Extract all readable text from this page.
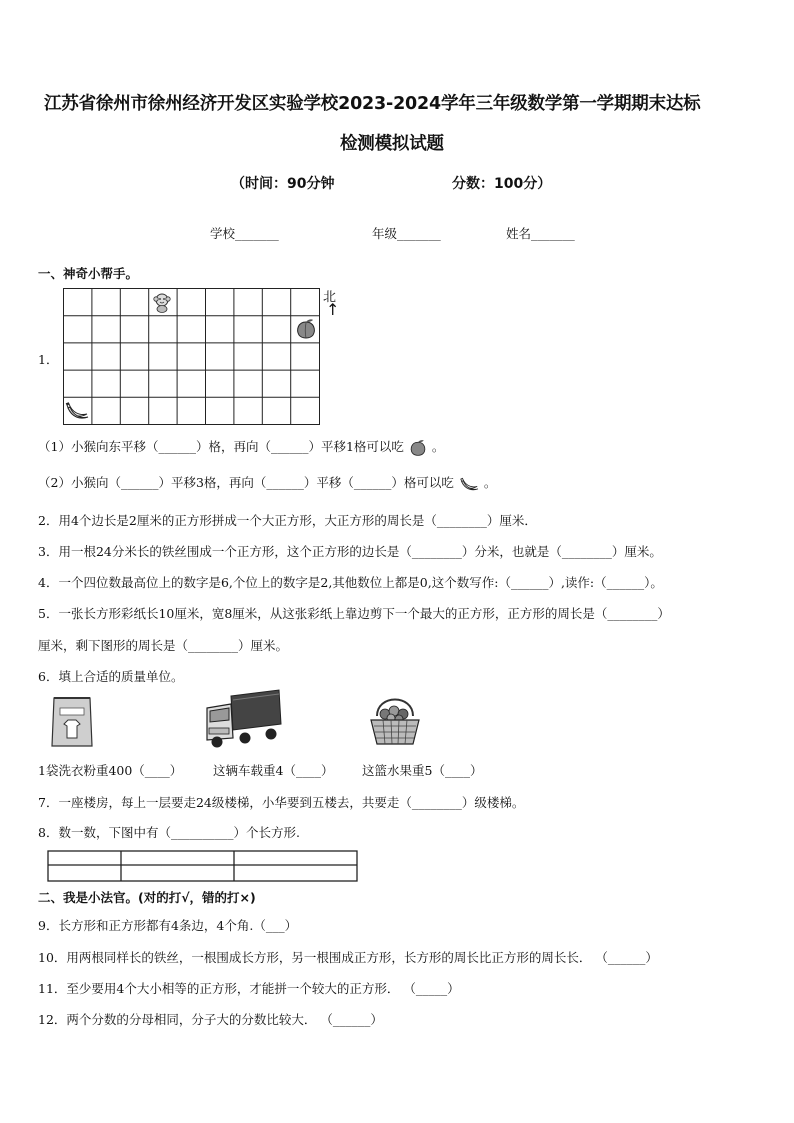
江苏省徐州市徐州经济开发区实验学校2023-2024学年三年级数学第一学期期末达标
检测模拟试题
（时间：90分钟	分数：100分）
学校_______	年级_______	姓名_______
一、神奇小帮手。
1．
北
↑
（1）小猴向东平移（______）格，再向（______）平移1格可以吃 。
（2）小猴向（______）平移3格，再向（______）平移（______）格可以吃 。
2．用4个边长是2厘米的正方形拼成一个大正方形，大正方形的周长是（________）厘米．
3．用一根24分米长的铁丝围成一个正方形，这个正方形的边长是（________）分米，也就是（________）厘米。
4．一个四位数最高位上的数字是6,个位上的数字是2,其他数位上都是0,这个数写作:（______）,读作:（______）。
5．一张长方形彩纸长10厘米，宽8厘米，从这张彩纸上靠边剪下一个最大的正方形，正方形的周长是（________）
厘米，剩下图形的周长是（________）厘米。
6．填上合适的质量单位。
1袋洗衣粉重400（____） 这辆车载重4（____） 这篮水果重5（____）
7．一座楼房，每上一层要走24级楼梯，小华要到五楼去，共要走（________）级楼梯。
8．数一数，下图中有（__________）个长方形.
二、我是小法官。(对的打√，错的打×)
9．长方形和正方形都有4条边，4个角.（___）
10．用两根同样长的铁丝，一根围成长方形，另一根围成正方形，长方形的周长比正方形的周长长． （______）
11．至少要用4个大小相等的正方形，才能拼一个较大的正方形． （_____）
12．两个分数的分母相同，分子大的分数比较大． （______）
